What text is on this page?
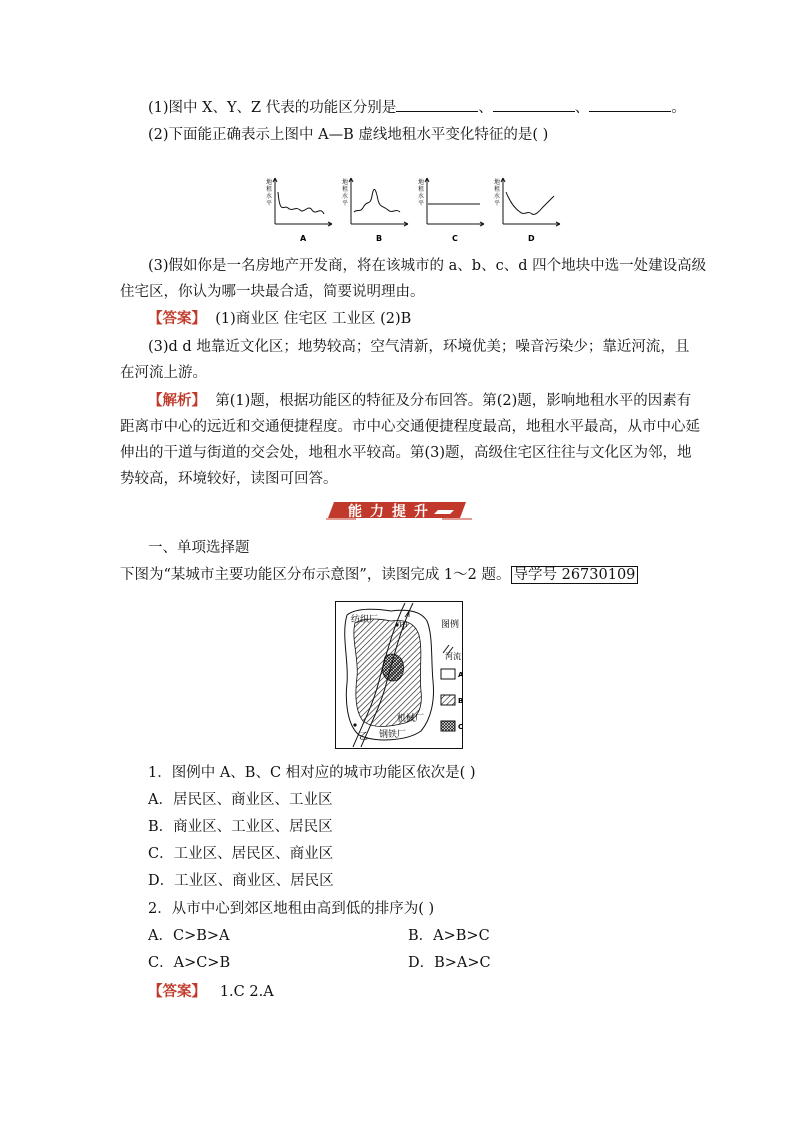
(1)图中 X、Y、Z 代表的功能区分别是	、	、	。
(2)下面能正确表示上图中 A—B 虚线地租水平变化特征的是( )
地
租
水
平
A
地
租
水
平
B
地
租
水
平
C
地
租
水
平
D
(3)假如你是一名房地产开发商，将在该城市的 a、b、c、d 四个地块中选一处建设高级
住宅区，你认为哪一块最合适，简要说明理由。
【答案】 (1)商业区 住宅区 工业区 (2)B
(3)d d 地靠近文化区；地势较高；空气清新，环境优美；噪音污染少；靠近河流，且
在河流上游。
【解析】 第(1)题，根据功能区的特征及分布回答。第(2)题，影响地租水平的因素有
距离市中心的远近和交通便捷程度。市中心交通便捷程度最高，地租水平最高，从市中心延
伸出的干道与街道的交会处，地租水平较高。第(3)题，高级住宅区往往与文化区为邻，地
势较高，环境较好，读图可回答。
能力提升
一、单项选择题
下图为“某城市主要功能区分布示意图”，读图完成 1～2 题。 导学号 26730109
纺织厂
甲
机械厂
钢铁厂
乙
图例
河流
A
B
C
1．图例中 A、B、C 相对应的城市功能区依次是( )
A．居民区、商业区、工业区
B．商业区、工业区、居民区
C．工业区、居民区、商业区
D．工业区、商业区、居民区
2．从市中心到郊区地租由高到低的排序为( )
A．C>B>A	B．A>B>C
C．A>C>B	D．B>A>C
【答案】 1.C 2.A
